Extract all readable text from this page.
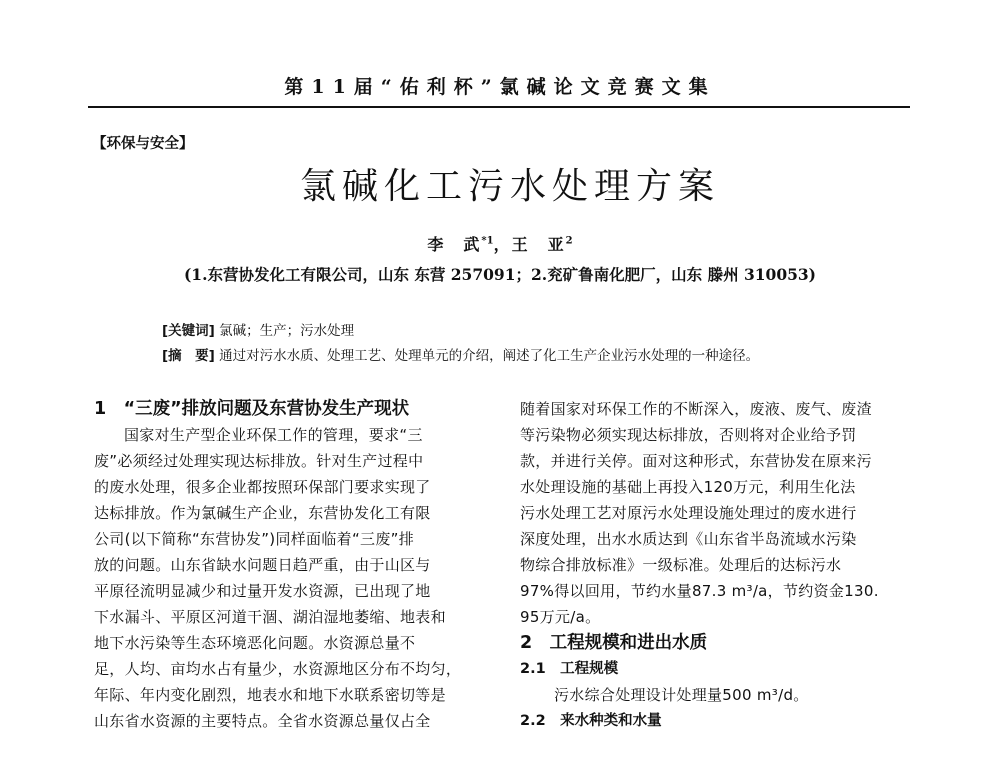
第11届“佑利杯”氯碱论文竞赛文集
【环保与安全】
氯碱化工污水处理方案
李　武$^{*1}$，王　亚$^2$
(1.东营协发化工有限公司，山东 东营 257091；2.兖矿鲁南化肥厂，山东 滕州 310053)
[关键词] 氯碱；生产；污水处理
[摘　要] 通过对污水水质、处理工艺、处理单元的介绍，阐述了化工生产企业污水处理的一种途径。

1　“三废”排放问题及东营协发生产现状

国家对生产型企业环保工作的管理，要求“三

废”必须经过处理实现达标排放。针对生产过程中

的废水处理，很多企业都按照环保部门要求实现了

达标排放。作为氯碱生产企业，东营协发化工有限

公司(以下简称“东营协发”)同样面临着“三废”排

放的问题。山东省缺水问题日趋严重，由于山区与

平原径流明显减少和过量开发水资源，已出现了地

下水漏斗、平原区河道干涸、湖泊湿地萎缩、地表和

地下水污染等生态环境恶化问题。水资源总量不

足，人均、亩均水占有量少，水资源地区分布不均匀，

年际、年内变化剧烈，地表水和地下水联系密切等是

山东省水资源的主要特点。全省水资源总量仅占全

随着国家对环保工作的不断深入，废液、废气、废渣

等污染物必须实现达标排放，否则将对企业给予罚

款，并进行关停。面对这种形式，东营协发在原来污

水处理设施的基础上再投入120万元，利用生化法

污水处理工艺对原污水处理设施处理过的废水进行

深度处理，出水水质达到《山东省半岛流域水污染

物综合排放标准》一级标准。处理后的达标污水

97%得以回用，节约水量87.3 m³/a，节约资金130.

95万元/a。

2　工程规模和进出水质

2.1　工程规模

污水综合处理设计处理量500 m³/d。

2.2　来水种类和水量
